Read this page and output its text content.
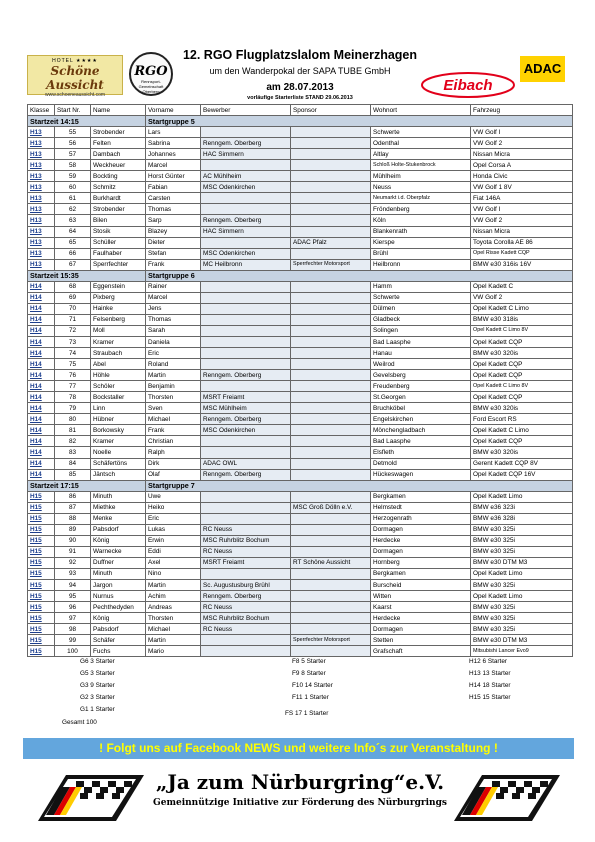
HOTEL ★★★★
Schöne Aussicht
www.schoeneaussicht.com
RGO
Rennsport-Gemeinschaft Oberberg
12. RGO Flugplatzslalom Meinerzhagen
um den Wanderpokal der SAPA TUBE GmbH
am 28.07.2013
vorläufige Starterliste STAND 29.06.2013
Eibach
ADAC
Klasse	Start Nr.	Name	Vorname	Bewerber	Sponsor	Wohnort	Fahrzeug
Startzeit 14:15			Startgruppe 5				
H13	55	Strobender	Lars			Schwerte	VW Golf I
H13	56	Felten	Sabrina	Renngem. Oberberg		Odenthal	VW Golf 2
H13	57	Dambach	Johannes	HAC Simmern		Altlay	Nissan Micra
H13	58	Weckheuer	Marcel			Schloß Holte-Stukenbrock	Opel Corsa A
H13	59	Bockting	Horst Günter	AC Mühlheim		Mühlheim	Honda Civic
H13	60	Schmitz	Fabian	MSC Odenkirchen		Neuss	VW Golf 1 8V
H13	61	Burkhardt	Carsten			Neumarkt i.d. Oberpfalz	Fiat 146A
H13	62	Strobender	Thomas			Fröndenberg	VW Golf I
H13	63	Bilen	Sarp	Renngem. Oberberg		Köln	VW Golf 2
H13	64	Stosik	Blazey	HAC Simmern		Blankenrath	Nissan Micra
H13	65	Schüller	Dieter		ADAC Pfalz	Kierspe	Toyota Corolla AE 86
H13	66	Faulhaber	Stefan	MSC Odenkirchen		Brühl	Opel Risse Kadett CQP
H13	67	Sperrfechter	Frank	MC Heilbronn	Sperrfechter Motorsport	Heilbronn	BMW e30 316is 16V
Startzeit 15:35			Startgruppe 6				
H14	68	Eggenstein	Rainer			Hamm	Opel Kadett C
H14	69	Pixberg	Marcel			Schwerte	VW Golf 2
H14	70	Hainke	Jens			Dülmen	Opel Kadett C Limo
H14	71	Felsenberg	Thomas			Gladbeck	BMW e30 318is
H14	72	Moll	Sarah			Solingen	Opel Kadett C Limo 8V
H14	73	Kramer	Daniela			Bad Laasphe	Opel Kadett CQP
H14	74	Straubach	Eric			Hanau	BMW e30 320is
H14	75	Abel	Roland			Weilrod	Opel Kadett CQP
H14	76	Höhle	Martin	Renngem. Oberberg		Gevelsberg	Opel Kadett CQP
H14	77	Schöler	Benjamin			Freudenberg	Opel Kadett C Limo 8V
H14	78	Bockstaller	Thorsten	MSRT Freiamt		St.Georgen	Opel Kadett CQP
H14	79	Linn	Sven	MSC Mühlheim		Bruchköbel	BMW e30 320is
H14	80	Hübner	Michael	Renngem. Oberberg		Engelskirchen	Ford Escort RS
H14	81	Borkowsky	Frank	MSC Odenkirchen		Mönchengladbach	Opel Kadett C Limo
H14	82	Kramer	Christian			Bad Laasphe	Opel Kadett CQP
H14	83	Noelle	Ralph			Elsfleth	BMW e30 320is
H14	84	Schäfertöns	Dirk	ADAC OWL		Detmold	Gerent Kadett CQP 8V
H14	85	Jäntsch	Olaf	Renngem. Oberberg		Hückeswagen	Opel Kadett CQP 16V
Startzeit 17:15			Startgruppe 7				
H15	86	Minuth	Uwe			Bergkamen	Opel Kadett Limo
H15	87	Miethke	Heiko		MSC Groß Dölln e.V.	Helmstedt	BMW e36 323i
H15	88	Menke	Eric			Herzogenrath	BMW e36 328i
H15	89	Pabsdorf	Lukas	RC Neuss		Dormagen	BMW e30 325i
H15	90	König	Erwin	MSC Ruhrblitz Bochum		Herdecke	BMW e30 325i
H15	91	Warnecke	Eddi	RC Neuss		Dormagen	BMW e30 325i
H15	92	Duffner	Axel	MSRT Freiamt	RT Schöne Aussicht	Hornberg	BMW e30 DTM M3
H15	93	Minuth	Nino			Bergkamen	Opel Kadett Limo
H15	94	Jargon	Martin	Sc. Augustusburg Brühl		Burscheid	BMW e30 325i
H15	95	Nurnus	Achim	Renngem. Oberberg		Witten	Opel Kadett Limo
H15	96	Pechthedyden	Andreas	RC Neuss		Kaarst	BMW e30 325i
H15	97	König	Thorsten	MSC Ruhrblitz Bochum		Herdecke	BMW e30 325i
H15	98	Pabsdorf	Michael	RC Neuss		Dormagen	BMW e30 325i
H15	99	Schäfer	Martin		Sperrfechter Motorsport	Stetten	BMW e30 DTM M3
H15	100	Fuchs	Mario			Grafschaft	Mitsubishi Lancer Evo9
G6 3 Starter
G5 3 Starter
G3 9 Starter
G2 3 Starter
G1 1 Starter
Gesamt 100
F8 5 Starter
F9 8 Starter
F10 14 Starter
F11 1 Starter
FS 17 1 Starter
H12 6 Starter
H13 13 Starter
H14 18 Starter
H15 15 Starter
! Folgt uns auf Facebook NEWS und weitere Info´s zur Veranstaltung !
„Ja zum Nürburgring“e.V.
Gemeinnützige Initiative zur Förderung des Nürburgrings
